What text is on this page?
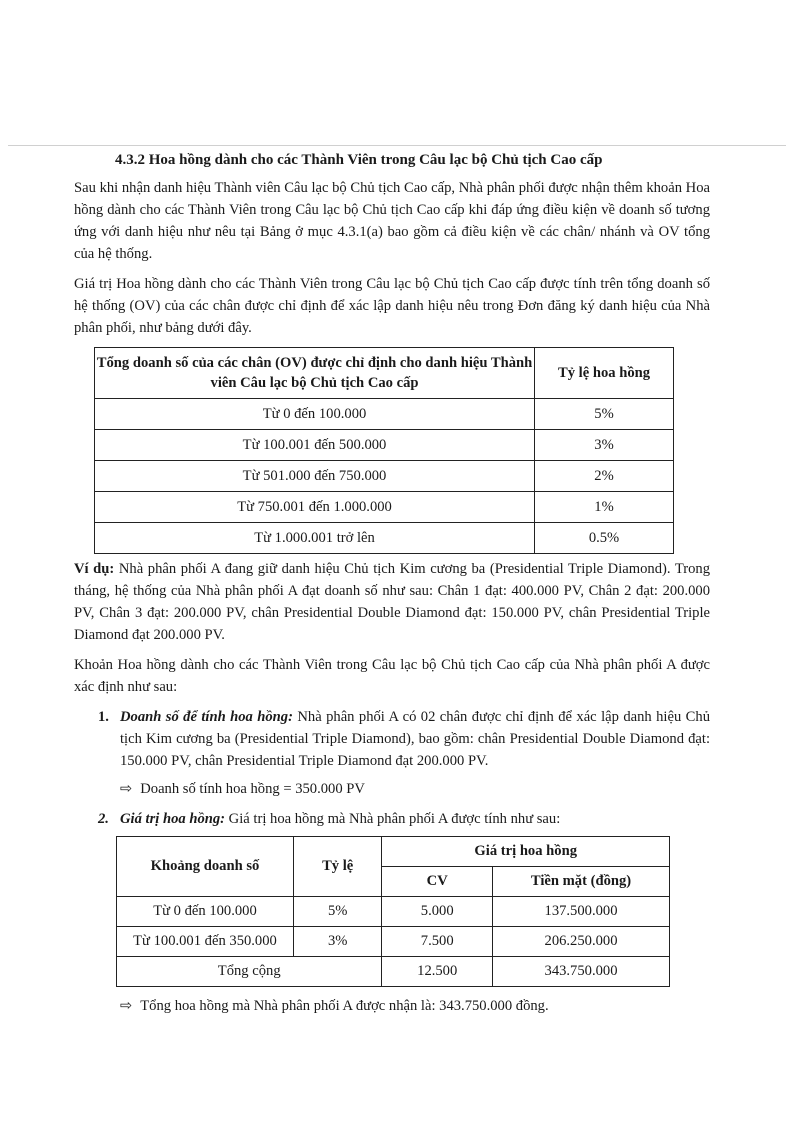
4.3.2 Hoa hồng dành cho các Thành Viên trong Câu lạc bộ Chủ tịch Cao cấp

Sau khi nhận danh hiệu Thành viên Câu lạc bộ Chủ tịch Cao cấp, Nhà phân phối được nhận thêm khoản Hoa hồng dành cho các Thành Viên trong Câu lạc bộ Chủ tịch Cao cấp khi đáp ứng điều kiện về doanh số tương ứng với danh hiệu như nêu tại Bảng ở mục 4.3.1(a) bao gồm cả điều kiện về các chân/ nhánh và OV tổng của hệ thống.

Giá trị Hoa hồng dành cho các Thành Viên trong Câu lạc bộ Chủ tịch Cao cấp được tính trên tổng doanh số hệ thống (OV) của các chân được chỉ định để xác lập danh hiệu nêu trong Đơn đăng ký danh hiệu của Nhà phân phối, như bảng dưới đây.

Tổng doanh số của các chân (OV) được chỉ định cho danh hiệu Thành viên Câu lạc bộ Chủ tịch Cao cấp	Tỷ lệ hoa hồng
Từ 0 đến 100.000	5%
Từ 100.001 đến 500.000	3%
Từ 501.000 đến 750.000	2%
Từ 750.001 đến 1.000.000	1%
Từ 1.000.001 trở lên	0.5%

Ví dụ: Nhà phân phối A đang giữ danh hiệu Chủ tịch Kim cương ba (Presidential Triple Diamond). Trong tháng, hệ thống của Nhà phân phối A đạt doanh số như sau: Chân 1 đạt: 400.000 PV, Chân 2 đạt: 200.000 PV, Chân 3 đạt: 200.000 PV, chân Presidential Double Diamond đạt: 150.000 PV, chân Presidential Triple Diamond đạt 200.000 PV.

Khoản Hoa hồng dành cho các Thành Viên trong Câu lạc bộ Chủ tịch Cao cấp của Nhà phân phối A được xác định như sau:

1. Doanh số để tính hoa hồng: Nhà phân phối A có 02 chân được chỉ định để xác lập danh hiệu Chủ tịch Kim cương ba (Presidential Triple Diamond), bao gồm: chân Presidential Double Diamond đạt: 150.000 PV, chân Presidential Triple Diamond đạt 200.000 PV.
⇨ Doanh số tính hoa hồng = 350.000 PV
2. Giá trị hoa hồng: Giá trị hoa hồng mà Nhà phân phối A được tính như sau:
Khoảng doanh số	Tỷ lệ	Giá trị hoa hồng	
		CV	Tiền mặt (đồng)
Từ 0 đến 100.000	5%	5.000	137.500.000
Từ 100.001 đến 350.000	3%	7.500	206.250.000
Tổng cộng		12.500	343.750.000
⇨ Tổng hoa hồng mà Nhà phân phối A được nhận là: 343.750.000 đồng.
